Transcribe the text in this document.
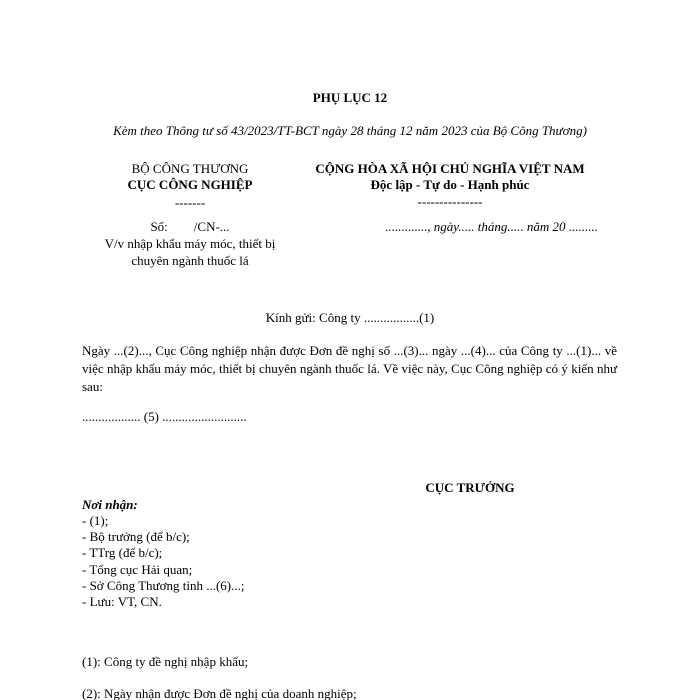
PHỤ LỤC 12
Kèm theo Thông tư số 43/2023/TT-BCT ngày 28 tháng 12 năm 2023 của Bộ Công Thương)
BỘ CÔNG THƯƠNG
CỤC CÔNG NGHIỆP
-------
CỘNG HÒA XÃ HỘI CHỦ NGHĨA VIỆT NAM
Độc lập - Tự do - Hạnh phúc
---------------
Số:        /CN-...
V/v nhập khẩu máy móc, thiết bị
chuyên ngành thuốc lá
............., ngày..... tháng..... năm 20 .........
Kính gửi: Công ty .................(1)
Ngày ...(2)..., Cục Công nghiệp nhận được Đơn đề nghị số ...(3)... ngày ...(4)... của Công ty ...(1)... về việc nhập khẩu máy móc, thiết bị chuyên ngành thuốc lá. Về việc này, Cục Công nghiệp có ý kiến như sau:
.................. (5) ..........................
CỤC TRƯỞNG
Nơi nhận:
- (1);
- Bộ trưởng (để b/c);
- TTrg (để b/c);
- Tổng cục Hải quan;
- Sở Công Thương tỉnh ...(6)...;
- Lưu: VT, CN.
(1): Công ty đề nghị nhập khẩu;
(2): Ngày nhận được Đơn đề nghị của doanh nghiệp;
